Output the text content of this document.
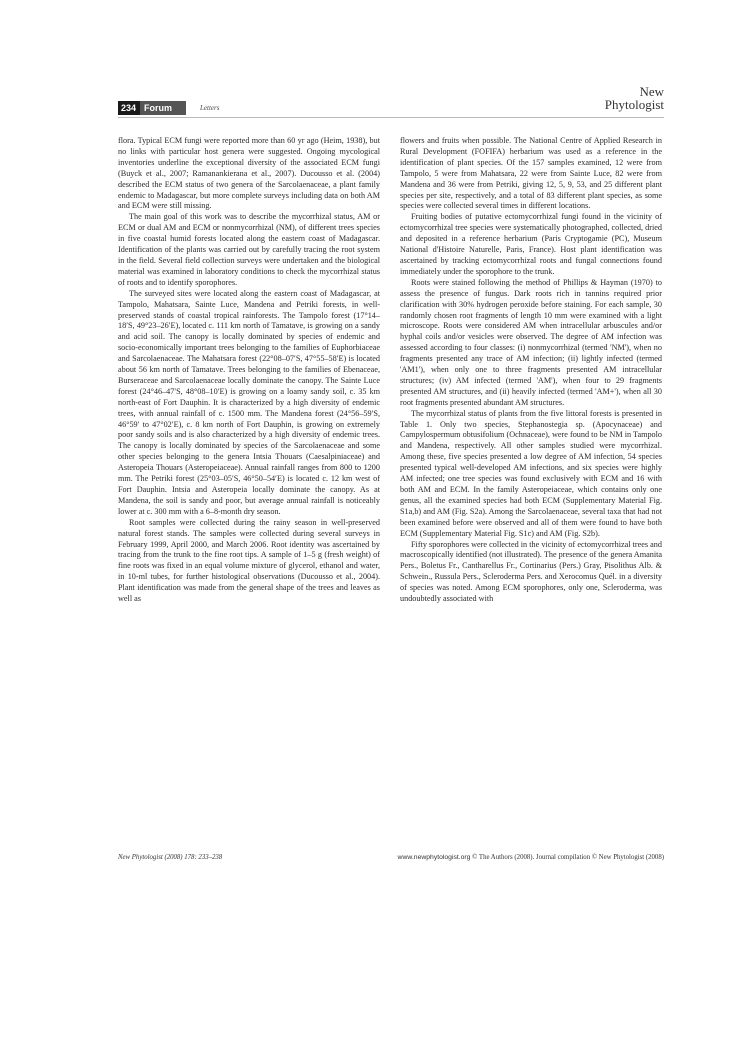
234 Forum	Letters
New
Phytologist

flora. Typical ECM fungi were reported more than 60 yr ago (Heim, 1938), but no links with particular host genera were suggested. Ongoing mycological inventories underline the exceptional diversity of the associated ECM fungi (Buyck et al., 2007; Ramanankierana et al., 2007). Ducousso et al. (2004) described the ECM status of two genera of the Sarcolaenaceae, a plant family endemic to Madagascar, but more complete surveys including data on both AM and ECM were still missing.

The main goal of this work was to describe the mycorrhizal status, AM or ECM or dual AM and ECM or nonmycorrhizal (NM), of different trees species in five coastal humid forests located along the eastern coast of Madagascar. Identification of the plants was carried out by carefully tracing the root system in the field. Several field collection surveys were undertaken and the biological material was examined in laboratory conditions to check the mycorrhizal status of roots and to identify sporophores.

The surveyed sites were located along the eastern coast of Madagascar, at Tampolo, Mahatsara, Sainte Luce, Mandena and Petriki forests, in well-preserved stands of coastal tropical rainforests. The Tampolo forest (17°14–18′S, 49°23–26′E), located c. 111 km north of Tamatave, is growing on a sandy and acid soil. The canopy is locally dominated by species of endemic and socio-economically important trees belonging to the families of Euphorbiaceae and Sarcolaenaceae. The Mahatsara forest (22°08–07′S, 47°55–58′E) is located about 56 km north of Tamatave. Trees belonging to the families of Ebenaceae, Burseraceae and Sarcolaenaceae locally dominate the canopy. The Sainte Luce forest (24°46–47′S, 48°08–10′E) is growing on a loamy sandy soil, c. 35 km north-east of Fort Dauphin. It is characterized by a high diversity of endemic trees, with annual rainfall of c. 1500 mm. The Mandena forest (24°56–59′S, 46°59′ to 47°02′E), c. 8 km north of Fort Dauphin, is growing on extremely poor sandy soils and is also characterized by a high diversity of endemic trees. The canopy is locally dominated by species of the Sarcolaenaceae and some other species belonging to the genera Intsia Thouars (Caesalpiniaceae) and Asteropeia Thouars (Asteropeiaceae). Annual rainfall ranges from 800 to 1200 mm. The Petriki forest (25°03–05′S, 46°50–54′E) is located c. 12 km west of Fort Dauphin. Intsia and Asteropeia locally dominate the canopy. As at Mandena, the soil is sandy and poor, but average annual rainfall is noticeably lower at c. 300 mm with a 6–8-month dry season.

Root samples were collected during the rainy season in well-preserved natural forest stands. The samples were collected during several surveys in February 1999, April 2000, and March 2006. Root identity was ascertained by tracing from the trunk to the fine root tips. A sample of 1–5 g (fresh weight) of fine roots was fixed in an equal volume mixture of glycerol, ethanol and water, in 10-ml tubes, for further histological observations (Ducousso et al., 2004). Plant identification was made from the general shape of the trees and leaves as well as

flowers and fruits when possible. The National Centre of Applied Research in Rural Development (FOFIFA) herbarium was used as a reference in the identification of plant species. Of the 157 samples examined, 12 were from Tampolo, 5 were from Mahatsara, 22 were from Sainte Luce, 82 were from Mandena and 36 were from Petriki, giving 12, 5, 9, 53, and 25 different plant species per site, respectively, and a total of 83 different plant species, as some species were collected several times in different locations.

Fruiting bodies of putative ectomycorrhizal fungi found in the vicinity of ectomycorrhizal tree species were systematically photographed, collected, dried and deposited in a reference herbarium (Paris Cryptogamie (PC), Museum National d'Histoire Naturelle, Paris, France). Host plant identification was ascertained by tracking ectomycorrhizal roots and fungal connections found immediately under the sporophore to the trunk.

Roots were stained following the method of Phillips & Hayman (1970) to assess the presence of fungus. Dark roots rich in tannins required prior clarification with 30% hydrogen peroxide before staining. For each sample, 30 randomly chosen root fragments of length 10 mm were examined with a light microscope. Roots were considered AM when intracellular arbuscules and/or hyphal coils and/or vesicles were observed. The degree of AM infection was assessed according to four classes: (i) nonmycorrhizal (termed 'NM'), when no fragments presented any trace of AM infection; (ii) lightly infected (termed 'AM1'), when only one to three fragments presented AM intracellular structures; (iv) AM infected (termed 'AM'), when four to 29 fragments presented AM structures, and (ii) heavily infected (termed 'AM+'), when all 30 root fragments presented abundant AM structures.

The mycorrhizal status of plants from the five littoral forests is presented in Table 1. Only two species, Stephanostegia sp. (Apocynaceae) and Campylospermum obtusifolium (Ochnaceae), were found to be NM in Tampolo and Mandena, respectively. All other samples studied were mycorrhizal. Among these, five species presented a low degree of AM infection, 54 species presented typical well-developed AM infections, and six species were highly AM infected; one tree species was found exclusively with ECM and 16 with both AM and ECM. In the family Asteropeiaceae, which contains only one genus, all the examined species had both ECM (Supplementary Material Fig. S1a,b) and AM (Fig. S2a). Among the Sarcolaenaceae, several taxa that had not been examined before were observed and all of them were found to have both ECM (Supplementary Material Fig. S1c) and AM (Fig. S2b).

Fifty sporophores were collected in the vicinity of ectomycorrhizal trees and macroscopically identified (not illustrated). The presence of the genera Amanita Pers., Boletus Fr., Cantharellus Fr., Cortinarius (Pers.) Gray, Pisolithus Alb. & Schwein., Russula Pers., Scleroderma Pers. and Xerocomus Quél. in a diversity of species was noted. Among ECM sporophores, only one, Scleroderma, was undoubtedly associated with

New Phytologist (2008) 178: 233–238	www.newphytologist.org © The Authors (2008). Journal compilation © New Phytologist (2008)
